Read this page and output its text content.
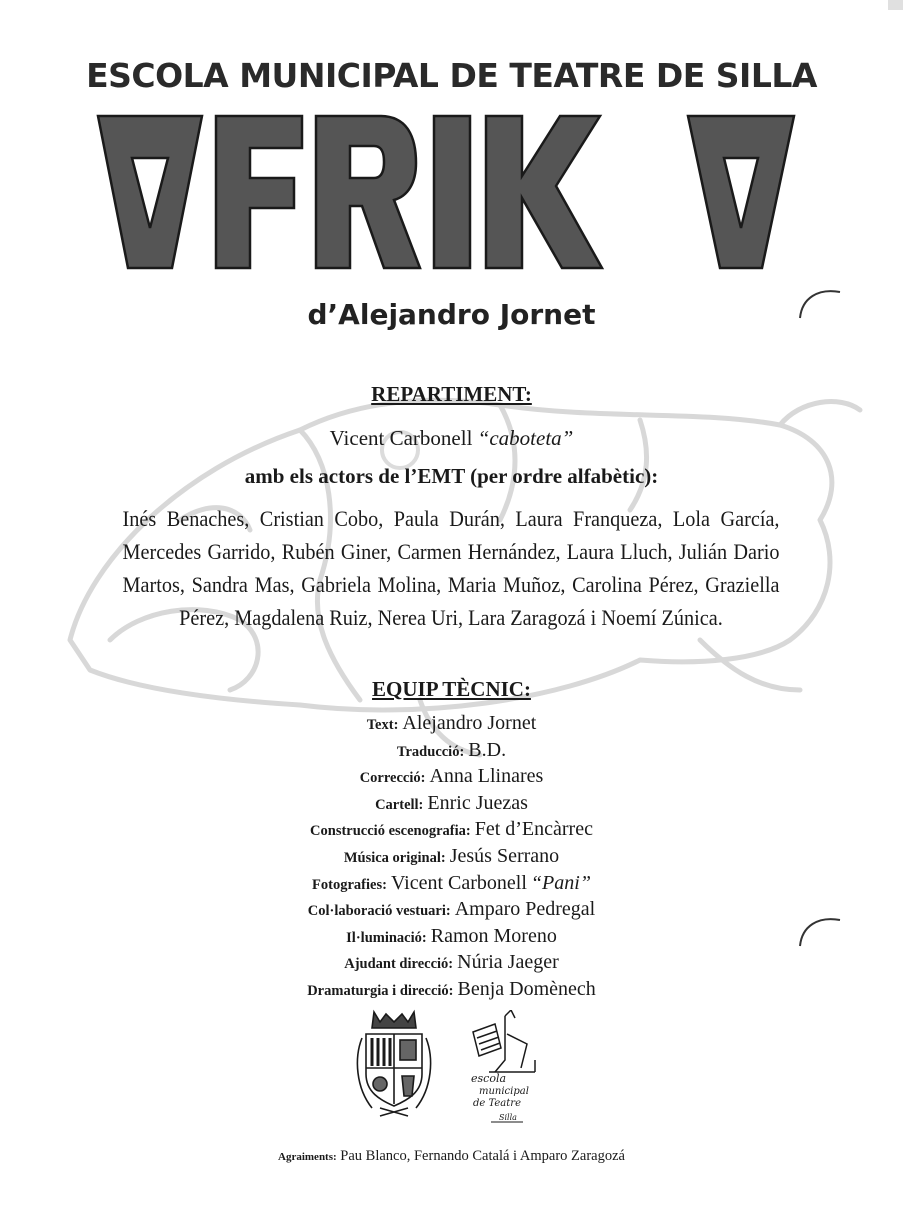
ESCOLA MUNICIPAL DE TEATRE DE SILLA
d’Alejandro Jornet
REPARTIMENT:
Vicent Carbonell “caboteta”
amb els actors de l’EMT (per ordre alfabètic):
Inés Benaches, Cristian Cobo, Paula Durán, Laura Franqueza, Lola García, Mercedes Garrido, Rubén Giner, Carmen Hernández, Laura Lluch, Julián Dario Martos, Sandra Mas, Gabriela Molina, Maria Muñoz, Carolina Pérez, Graziella Pérez, Magdalena Ruiz, Nerea Uri, Lara Zaragozá i Noemí Zúnica.
EQUIP TÈCNIC:
Text: Alejandro Jornet
Traducció: B.D.
Correcció: Anna Llinares
Cartell: Enric Juezas
Construcció escenografia: Fet d’Encàrrec
Música original: Jesús Serrano
Fotografies: Vicent Carbonell “Pani”
Col·laboració vestuari: Amparo Pedregal
Il·luminació: Ramon Moreno
Ajudant direcció: Núria Jaeger
Dramaturgia i direcció: Benja Domènech
escola
municipal
de Teatre
Silla
Agraiments: Pau Blanco, Fernando Catalá i Amparo Zaragozá
